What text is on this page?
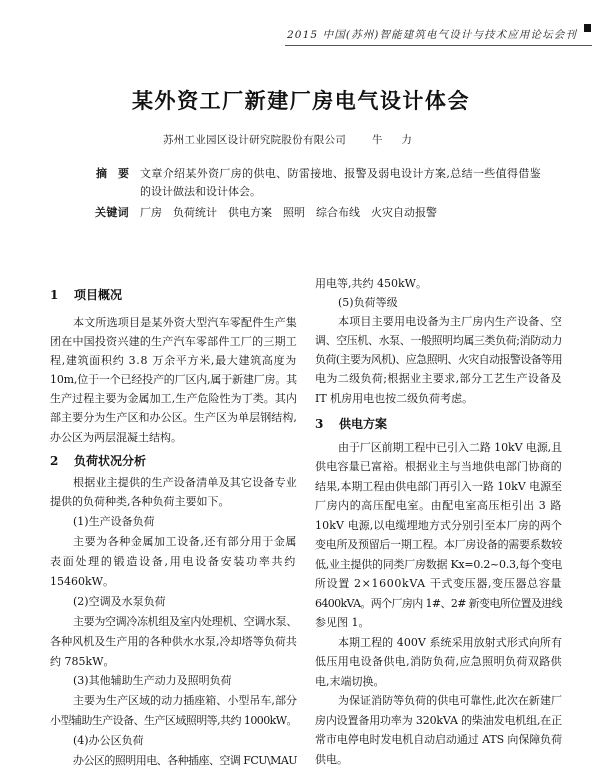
2015 中国(苏州)智能建筑电气设计与技术应用论坛会刊
某外资工厂新建厂房电气设计体会
苏州工业园区设计研究院股份有限公司 牛　力
摘　要 文章介绍某外资厂房的供电、防雷接地、报警及弱电设计方案,总结一些值得借鉴
的设计做法和设计体会。
关键词 厂房 负荷统计 供电方案 照明 综合布线 火灾自动报警
1 项目概况
本文所选项目是某外资大型汽车零配件生产集
团在中国投资兴建的生产汽车零部件工厂的三期工
程,建筑面积约 3.8 万余平方米,最大建筑高度为
10m,位于一个已经投产的厂区内,属于新建厂房。其
生产过程主要为金属加工,生产危险性为丁类。其内
部主要分为生产区和办公区。生产区为单层钢结构,
办公区为两层混凝土结构。
2 负荷状况分析
根据业主提供的生产设备清单及其它设备专业
提供的负荷种类,各种负荷主要如下。
(1)生产设备负荷
主要为各种金属加工设备,还有部分用于金属
表面处理的锻造设备,用电设备安装功率共约
15460kW。
(2)空调及水泵负荷
主要为空调冷冻机组及室内处理机、空调水泵、
各种风机及生产用的各种供水水泵,冷却塔等负荷共
约 785kW。
(3)其他辅助生产动力及照明负荷
主要为生产区域的动力插座箱、小型吊车,部分
小型辅助生产设备、生产区域照明等,共约 1000kW。
(4)办公区负荷
办公区的照明用电、各种插座、空调 FCU\MAU
用电等,共约 450kW。
(5)负荷等级
本项目主要用电设备为主厂房内生产设备、空
调、空压机、水泵、一般照明均属三类负荷;消防动力
负荷(主要为风机)、应急照明、火灾自动报警设备等用
电为二级负荷;根据业主要求,部分工艺生产设备及
IT 机房用电也按二级负荷考虑。
3 供电方案
由于厂区前期工程中已引入二路 10kV 电源,且
供电容量已富裕。根据业主与当地供电部门协商的
结果,本期工程由供电部门再引入一路 10kV 电源至
厂房内的高压配电室。由配电室高压柜引出 3 路
10kV 电源,以电缆埋地方式分别引至本厂房的两个
变电所及预留后一期工程。本厂房设备的需要系数较
低,业主提供的同类厂房数据 Kx=0.2~0.3,每个变电
所设置 2×1600kVA 干式变压器,变压器总容量
6400kVA。两个厂房内 1#、2# 新变电所位置及进线
参见图 1。
本期工程的 400V 系统采用放射式形式向所有
低压用电设备供电,消防负荷,应急照明负荷双路供
电,末端切换。
为保证消防等负荷的供电可靠性,此次在新建厂
房内设置备用功率为 320kVA 的柴油发电机组,在正
常市电停电时发电机自动启动通过 ATS 向保障负荷
供电。
